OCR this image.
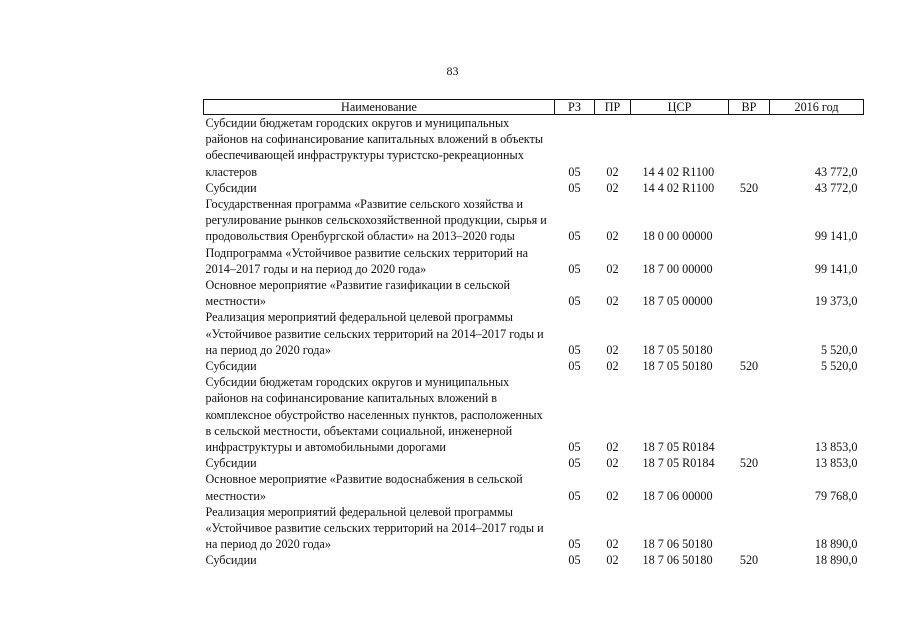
83
Наименование	РЗ	ПР	ЦСР	ВР	2016 год
Субсидии бюджетам городских округов и муниципальных районов на софинансирование капитальных вложений в объекты обеспечивающей инфраструктуры туристско-рекреационных кластеров	05	02	14 4 02 R1100		43 772,0
Субсидии	05	02	14 4 02 R1100	520	43 772,0
Государственная программа «Развитие сельского хозяйства и регулирование рынков сельскохозяйственной продукции, сырья и продовольствия Оренбургской области» на 2013–2020 годы	05	02	18 0 00 00000		99 141,0
Подпрограмма «Устойчивое развитие сельских территорий на 2014–2017 годы и на период до 2020 года»	05	02	18 7 00 00000		99 141,0
Основное мероприятие «Развитие газификации в сельской местности»	05	02	18 7 05 00000		19 373,0
Реализация мероприятий федеральной целевой программы «Устойчивое развитие сельских территорий на 2014–2017 годы и на период до 2020 года»	05	02	18 7 05 50180		5 520,0
Субсидии	05	02	18 7 05 50180	520	5 520,0
Субсидии бюджетам городских округов и муниципальных районов на софинансирование капитальных вложений в комплексное обустройство населенных пунктов, расположенных в сельской местности, объектами социальной, инженерной инфраструктуры и автомобильными дорогами	05	02	18 7 05 R0184		13 853,0
Субсидии	05	02	18 7 05 R0184	520	13 853,0
Основное мероприятие «Развитие водоснабжения в сельской местности»	05	02	18 7 06 00000		79 768,0
Реализация мероприятий федеральной целевой программы «Устойчивое развитие сельских территорий на 2014–2017 годы и на период до 2020 года»	05	02	18 7 06 50180		18 890,0
Субсидии	05	02	18 7 06 50180	520	18 890,0
